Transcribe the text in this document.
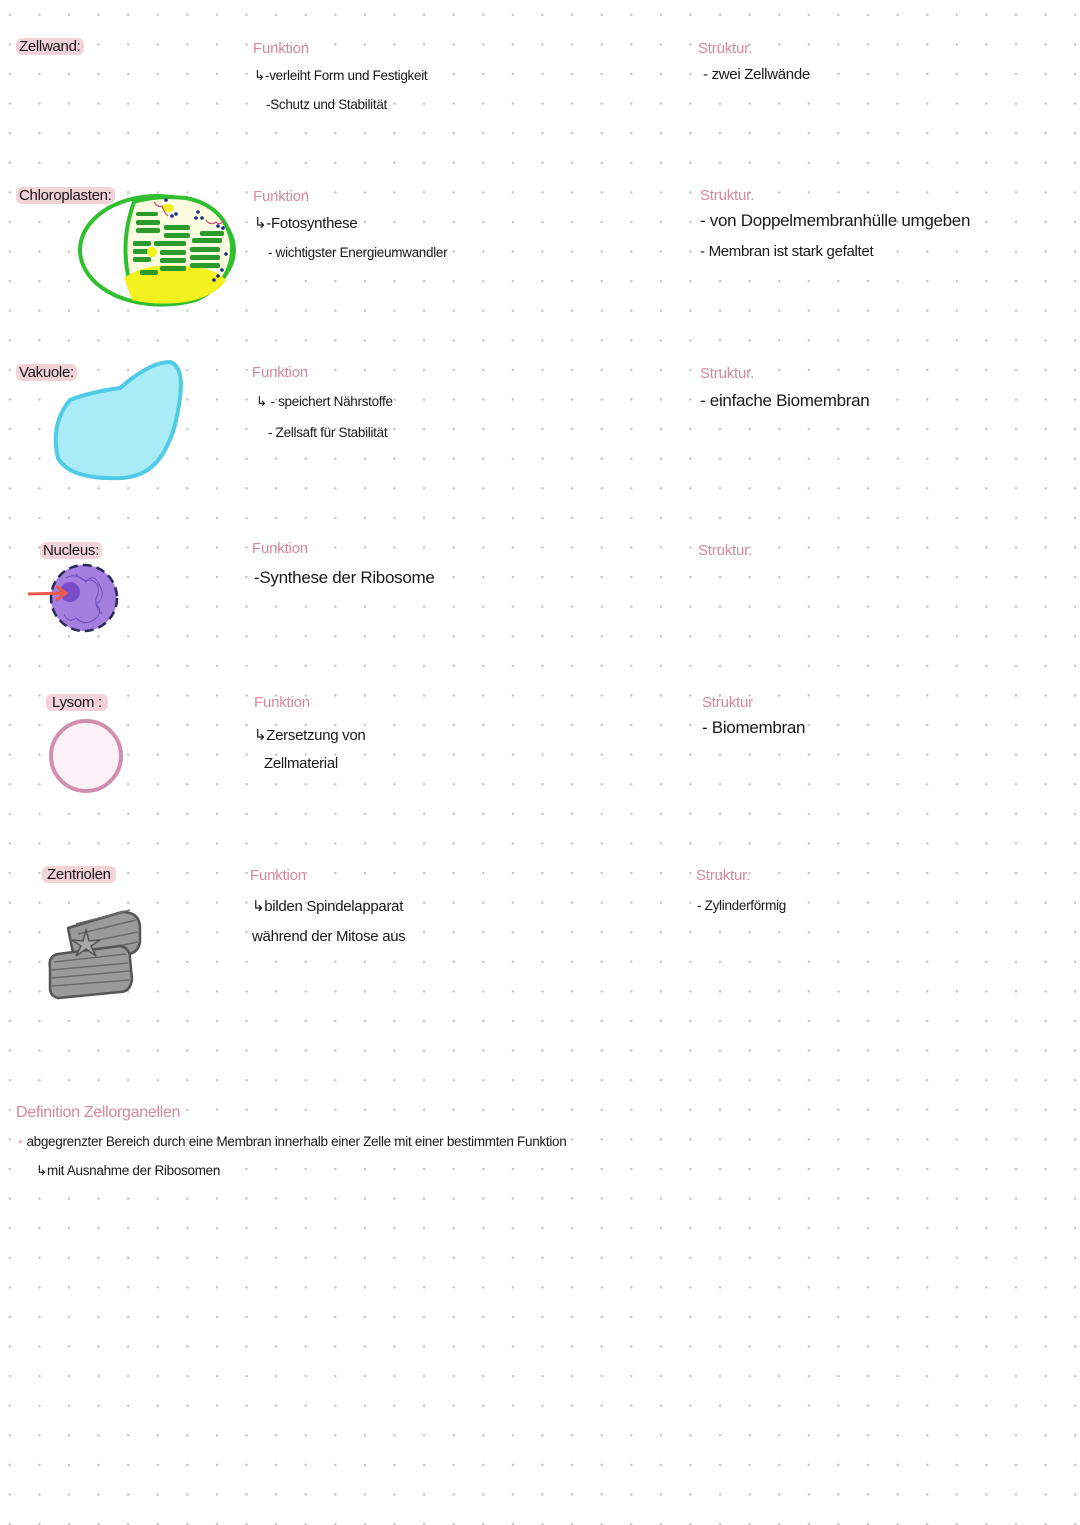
Zellwand:	Funktion
↳-verleiht Form und Festigkeit
-Schutz und Stabilität
Struktur.
- zwei Zellwände
Chloroplasten:	Funktion
↳-Fotosynthese
- wichtigster Energieumwandler
Struktur.
- von Doppelmembranhülle umgeben
- Membran ist stark gefaltet
Vakuole:	Funktion
↳ - speichert Nährstoffe
- Zellsaft für Stabilität
Struktur.
- einfache Biomembran
Nucleus:	Funktion
-Synthese der Ribosome
Struktur.
Lysom :	Funktion
↳Zersetzung von
Zellmaterial
Struktur
- Biomembran
Zentriolen	Funktion
↳bilden Spindelapparat
während der Mitose aus
Struktur.
- Zylinderförmig
Definition Zellorganellen
• abgegrenzter Bereich durch eine Membran innerhalb einer Zelle mit einer bestimmten Funktion
↳mit Ausnahme der Ribosomen
